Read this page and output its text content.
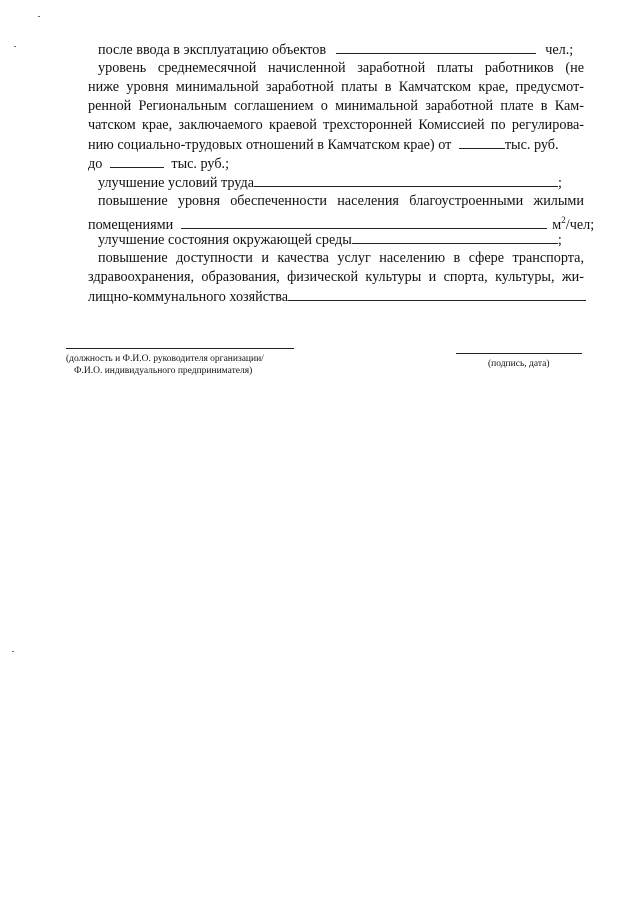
после ввода в эксплуатацию объектов	чел.;

уровень среднемесячной начисленной заработной платы работников (не

ниже уровня минимальной заработной платы в Камчатском крае, предусмот-

ренной Региональным соглашением о минимальной заработной плате в Кам-

чатском крае, заключаемого краевой трехсторонней Комиссией по регулирова-

нию социально-трудовых отношений в Камчатском крае) от	тыс. руб.

до	тыс. руб.;

улучшение условий труда	;

повышение уровня обеспеченности населения благоустроенными жилыми

помещениями	$м^2$/чел;

улучшение состояния окружающей среды	;

повышение доступности и качества услуг населению в сфере транспорта,

здравоохранения, образования, физической культуры и спорта, культуры, жи-

лищно-коммунального хозяйства

(должность и Ф.И.О. руководителя организации/
Ф.И.О. индивидуального предпринимателя)
(подпись, дата)
